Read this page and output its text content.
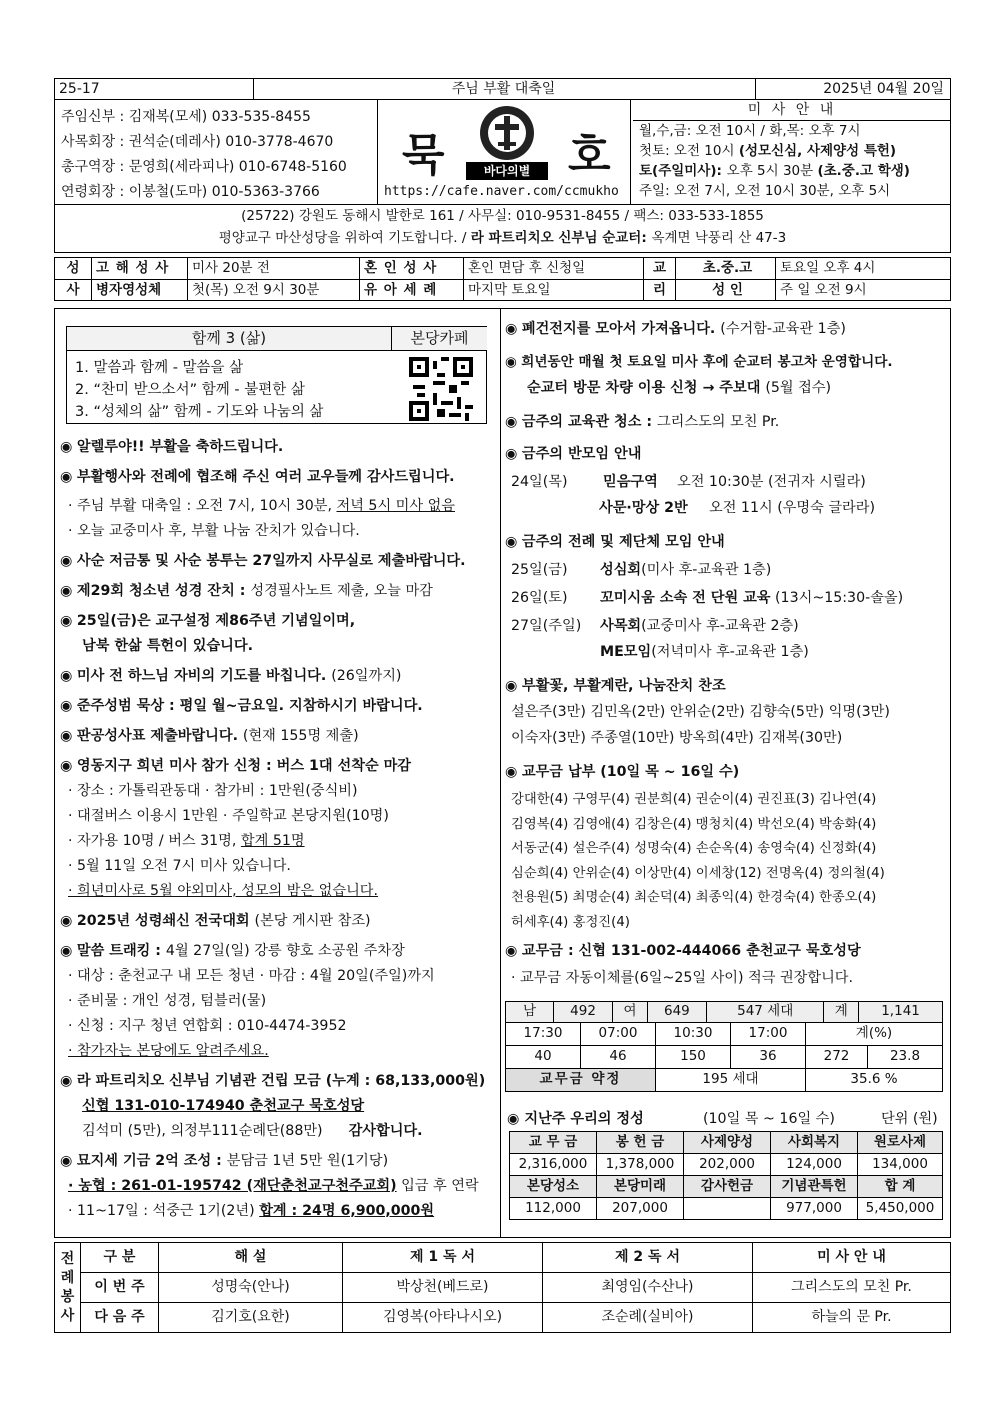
25-17	주님 부활 대축일	2025년 04월 20일
주임신부 : 김재복(모세) 033-535-8455
사목회장 : 권석순(데레사) 010-3778-4670
총구역장 : 문영희(세라피나) 010-6748-5160
연령회장 : 이봉철(도마) 010-5363-3766
묵	호
바다의별
https://cafe.naver.com/ccmukho
미 사 안 내
월,수,금: 오전 10시 / 화,목: 오후 7시
첫토: 오전 10시 (성모신심, 사제양성 특헌)
토(주일미사): 오후 5시 30분 (초.중.고 학생)
주일: 오전 7시, 오전 10시 30분, 오후 5시
(25722) 강원도 동해시 발한로 161 / 사무실: 010-9531-8455 / 팩스: 033-533-1855
평양교구 마산성당을 위하여 기도합니다. / 라 파트리치오 신부님 순교터: 옥계면 낙풍리 산 47-3
성	고 해 성 사	미사 20분 전	혼 인 성 사	혼인 면담 후 신청일	교	초.중.고	토요일 오후 4시
사	병자영성체	첫(목) 오전 9시 30분	유 아 세 례	마지막 토요일	리	성 인	주 일 오전 9시
함께 3 (삶)	본당카페
1. 말씀과 함께 - 말씀을 삶
2. “찬미 받으소서” 함께 - 불편한 삶
3. “성체의 삶” 함께 - 기도와 나눔의 삶
◉ 알렐루야!! 부활을 축하드립니다.
◉ 부활행사와 전례에 협조해 주신 여러 교우들께 감사드립니다.
· 주님 부활 대축일 : 오전 7시, 10시 30분, 저녁 5시 미사 없음
· 오늘 교중미사 후, 부활 나눔 잔치가 있습니다.
◉ 사순 저금통 및 사순 봉투는 27일까지 사무실로 제출바랍니다.
◉ 제29회 청소년 성경 잔치 : 성경필사노트 제출, 오늘 마감
◉ 25일(금)은 교구설정 제86주년 기념일이며,
남북 한삶 특헌이 있습니다.
◉ 미사 전 하느님 자비의 기도를 바칩니다. (26일까지)
◉ 준주성범 묵상 : 평일 월~금요일. 지참하시기 바랍니다.
◉ 판공성사표 제출바랍니다. (현재 155명 제출)
◉ 영동지구 희년 미사 참가 신청 : 버스 1대 선착순 마감
· 장소 : 가톨릭관동대 · 참가비 : 1만원(중식비)
· 대절버스 이용시 1만원 · 주일학교 본당지원(10명)
· 자가용 10명 / 버스 31명, 합계 51명
· 5월 11일 오전 7시 미사 있습니다.
· 희년미사로 5월 야외미사, 성모의 밤은 없습니다.
◉ 2025년 성령쇄신 전국대회 (본당 게시판 참조)
◉ 말씀 트래킹 : 4월 27일(일) 강릉 향호 소공원 주차장
· 대상 : 춘천교구 내 모든 청년 · 마감 : 4월 20일(주일)까지
· 준비물 : 개인 성경, 텀블러(물)
· 신청 : 지구 청년 연합회 : 010-4474-3952
· 참가자는 본당에도 알려주세요.
◉ 라 파트리치오 신부님 기념관 건립 모금 (누계 : 68,133,000원)
신협 131-010-174940 춘천교구 묵호성당
김석미 (5만), 의정부111순례단(88만) 감사합니다.
◉ 묘지세 기금 2억 조성 : 분담금 1년 5만 원(1기당)
· 농협 : 261-01-195742 (재단춘천교구천주교회) 입금 후 연락
· 11~17일 : 석중근 1기(2년) 합계 : 24명 6,900,000원
◉ 폐건전지를 모아서 가져옵니다. (수거함-교육관 1층)
◉ 희년동안 매월 첫 토요일 미사 후에 순교터 봉고차 운영합니다.
순교터 방문 차량 이용 신청 → 주보대 (5월 접수)
◉ 금주의 교육관 청소 : 그리스도의 모친 Pr.
◉ 금주의 반모임 안내
24일(목) 믿음구역 오전 10:30분 (전귀자 시릴라)
사문·망상 2반 오전 11시 (우명숙 글라라)
◉ 금주의 전례 및 제단체 모임 안내
25일(금) 성심회(미사 후-교육관 1층)
26일(토) 꼬미시움 소속 전 단원 교육 (13시~15:30-솔올)
27일(주일) 사목회(교중미사 후-교육관 2층)
ME모임(저녁미사 후-교육관 1층)
◉ 부활꽃, 부활계란, 나눔잔치 찬조
설은주(3만) 김민옥(2만) 안위순(2만) 김향숙(5만) 익명(3만)
이숙자(3만) 주종열(10만) 방옥희(4만) 김재복(30만)
◉ 교무금 납부 (10일 목 ~ 16일 수)
강대한(4) 구영무(4) 권분희(4) 권순이(4) 권진표(3) 김나연(4)
김영복(4) 김영애(4) 김창은(4) 맹청치(4) 박선오(4) 박송화(4)
서동군(4) 설은주(4) 성명숙(4) 손순옥(4) 송영숙(4) 신정화(4)
심순희(4) 안위순(4) 이상만(4) 이세창(12) 전명옥(4) 정의철(4)
천용원(5) 최명순(4) 최순덕(4) 최종익(4) 한경숙(4) 한종오(4)
허세후(4) 홍정진(4)
◉ 교무금 : 신협 131-002-444066 춘천교구 묵호성당
· 교무금 자동이체를(6일~25일 사이) 적극 권장합니다.
남	492	여	649	547 세대	계	1,141
17:30	07:00	10:30	17:00	계(%)	
40	46	150	36	272	23.8
교무금 약정		195 세대		35.6 %	
◉ 지난주 우리의 정성	(10일 목 ~ 16일 수)	단위 (원)
교 무 금	봉 헌 금	사제양성	사회복지	원로사제
2,316,000	1,378,000	202,000	124,000	134,000
본당성소	본당미래	감사헌금	기념관특헌	합 계
112,000	207,000		977,000	5,450,000
전
례
봉
사	구 분	해 설	제 1 독 서	제 2 독 서	미 사 안 내
	이 번 주	성명숙(안나)	박상천(베드로)	최영임(수산나)	그리스도의 모친 Pr.
	다 음 주	김기호(요한)	김영복(아타나시오)	조순례(실비아)	하늘의 문 Pr.
